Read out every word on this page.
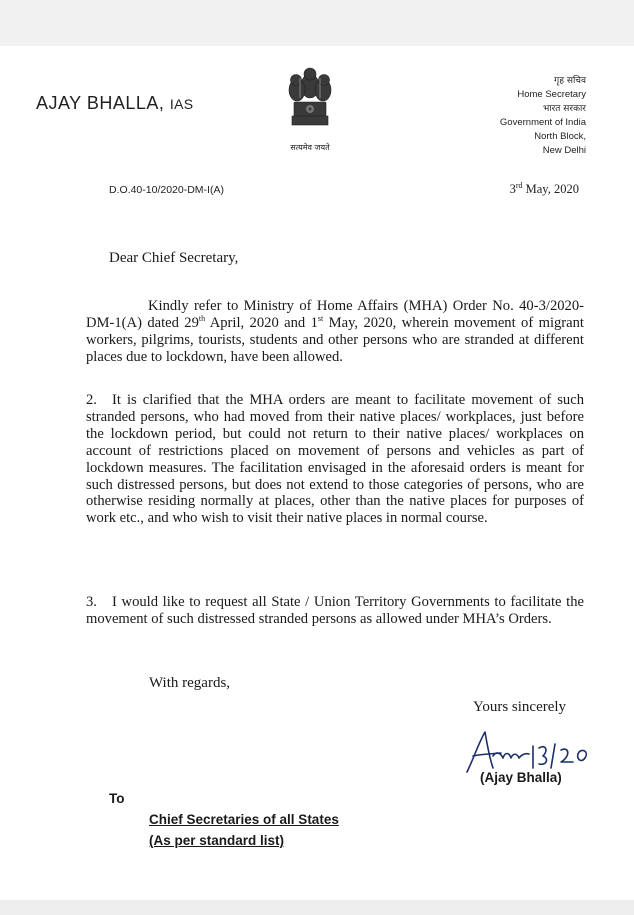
AJAY BHALLA, IAS
सत्यमेव जयते
गृह सचिव
Home Secretary
भारत सरकार
Government of India
North Block,
New Delhi
D.O.40-10/2020-DM-I(A)	3rd May, 2020
Dear Chief Secretary,
Kindly refer to Ministry of Home Affairs (MHA) Order No. 40-3/2020-DM-1(A) dated 29th April, 2020 and 1st May, 2020, wherein movement of migrant workers, pilgrims, tourists, students and other persons who are stranded at different places due to lockdown, have been allowed.
2. It is clarified that the MHA orders are meant to facilitate movement of such stranded persons, who had moved from their native places/ workplaces, just before the lockdown period, but could not return to their native places/ workplaces on account of restrictions placed on movement of persons and vehicles as part of lockdown measures. The facilitation envisaged in the aforesaid orders is meant for such distressed persons, but does not extend to those categories of persons, who are otherwise residing normally at places, other than the native places for purposes of work etc., and who wish to visit their native places in normal course.
3. I would like to request all State / Union Territory Governments to facilitate the movement of such distressed stranded persons as allowed under MHA’s Orders.
With regards,
Yours sincerely
(Ajay Bhalla)
To
Chief Secretaries of all States
(As per standard list)
